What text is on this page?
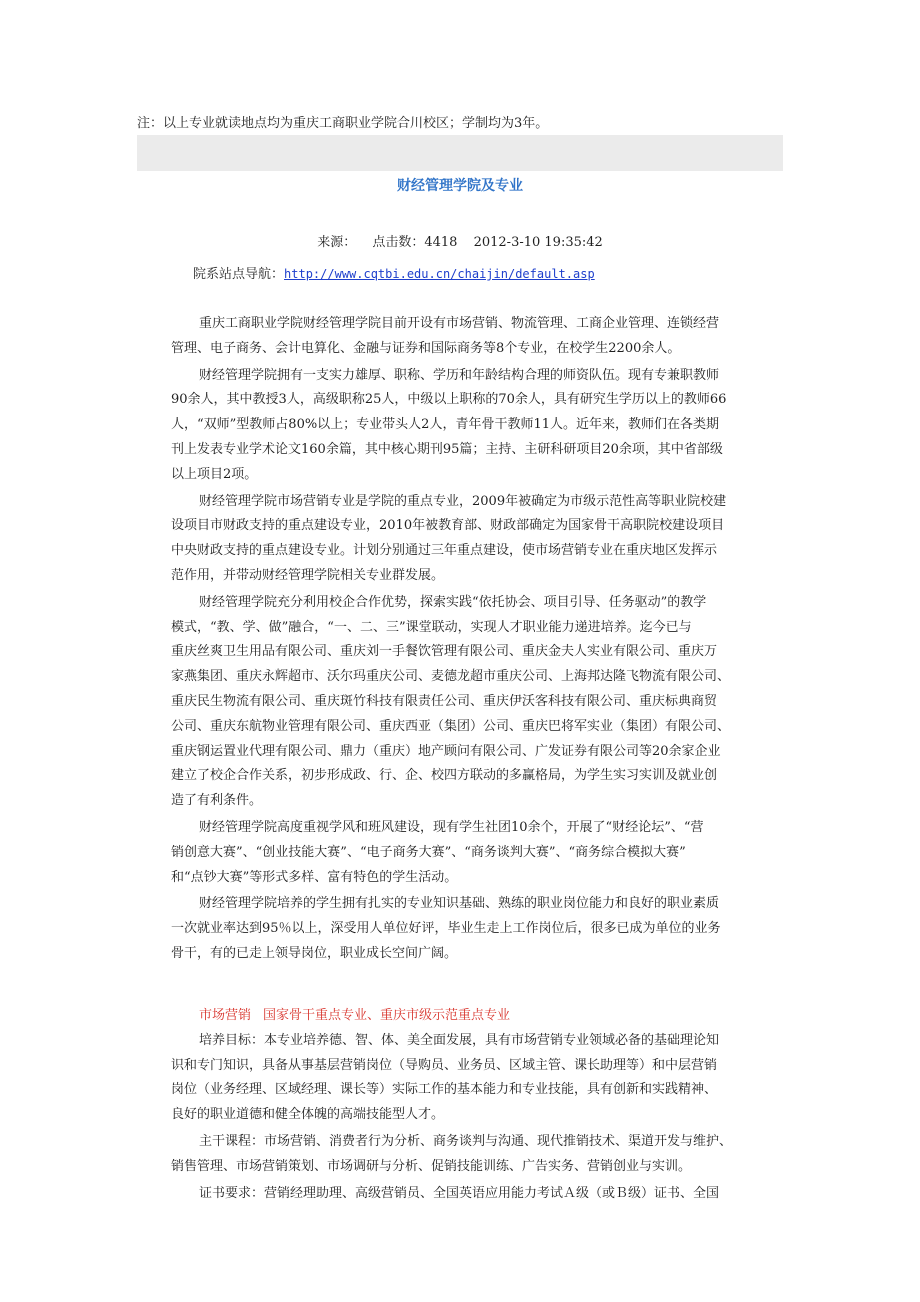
注：以上专业就读地点均为重庆工商职业学院合川校区；学制均为3年。
财经管理学院及专业
来源： 点击数：4418 2012-3-10 19:35:42
院系站点导航：http://www.cqtbi.edu.cn/chaijin/default.asp
重庆工商职业学院财经管理学院目前开设有市场营销、物流管理、工商企业管理、连锁经营
管理、电子商务、会计电算化、金融与证券和国际商务等8个专业，在校学生2200余人。
财经管理学院拥有一支实力雄厚、职称、学历和年龄结构合理的师资队伍。现有专兼职教师
90余人，其中教授3人，高级职称25人，中级以上职称的70余人，具有研究生学历以上的教师66
人，“双师”型教师占80%以上；专业带头人2人，青年骨干教师11人。近年来，教师们在各类期
刊上发表专业学术论文160余篇，其中核心期刊95篇；主持、主研科研项目20余项，其中省部级
以上项目2项。
财经管理学院市场营销专业是学院的重点专业，2009年被确定为市级示范性高等职业院校建
设项目市财政支持的重点建设专业，2010年被教育部、财政部确定为国家骨干高职院校建设项目
中央财政支持的重点建设专业。计划分别通过三年重点建设，使市场营销专业在重庆地区发挥示
范作用，并带动财经管理学院相关专业群发展。
财经管理学院充分利用校企合作优势，探索实践“依托协会、项目引导、任务驱动”的教学
模式，“教、学、做”融合，“一、二、三”课堂联动，实现人才职业能力递进培养。迄今已与
重庆丝爽卫生用品有限公司、重庆刘一手餐饮管理有限公司、重庆金夫人实业有限公司、重庆万
家燕集团、重庆永辉超市、沃尔玛重庆公司、麦德龙超市重庆公司、上海邦达隆飞物流有限公司、
重庆民生物流有限公司、重庆斑竹科技有限责任公司、重庆伊沃客科技有限公司、重庆标典商贸
公司、重庆东航物业管理有限公司、重庆西亚（集团）公司、重庆巴将军实业（集团）有限公司、
重庆钢运置业代理有限公司、鼎力（重庆）地产顾问有限公司、广发证券有限公司等20余家企业
建立了校企合作关系，初步形成政、行、企、校四方联动的多赢格局，为学生实习实训及就业创
造了有利条件。
财经管理学院高度重视学风和班风建设，现有学生社团10余个，开展了“财经论坛”、“营
销创意大赛”、“创业技能大赛”、“电子商务大赛”、“商务谈判大赛”、“商务综合模拟大赛”
和“点钞大赛”等形式多样、富有特色的学生活动。
财经管理学院培养的学生拥有扎实的专业知识基础、熟练的职业岗位能力和良好的职业素质
一次就业率达到95％以上，深受用人单位好评，毕业生走上工作岗位后，很多已成为单位的业务
骨干，有的已走上领导岗位，职业成长空间广阔。
市场营销 国家骨干重点专业、重庆市级示范重点专业
培养目标：本专业培养德、智、体、美全面发展，具有市场营销专业领域必备的基础理论知
识和专门知识，具备从事基层营销岗位（导购员、业务员、区域主管、课长助理等）和中层营销
岗位（业务经理、区域经理、课长等）实际工作的基本能力和专业技能，具有创新和实践精神、
良好的职业道德和健全体魄的高端技能型人才。
主干课程：市场营销、消费者行为分析、商务谈判与沟通、现代推销技术、渠道开发与维护、
销售管理、市场营销策划、市场调研与分析、促销技能训练、广告实务、营销创业与实训。
证书要求：营销经理助理、高级营销员、全国英语应用能力考试Ａ级（或Ｂ级）证书、全国
